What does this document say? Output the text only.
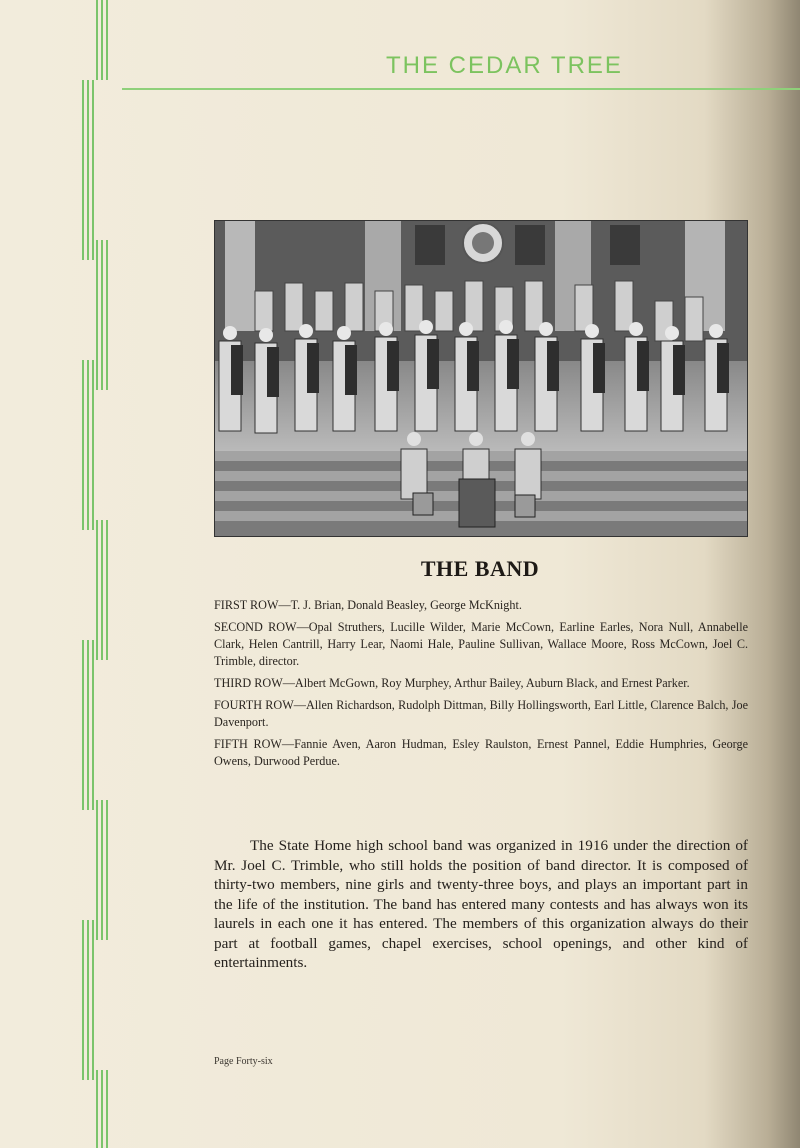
THE CEDAR TREE
THE BAND

FIRST ROW—T. J. Brian, Donald Beasley, George McKnight.

SECOND ROW—Opal Struthers, Lucille Wilder, Marie McCown, Earline Earles, Nora Null, Annabelle Clark, Helen Cantrill, Harry Lear, Naomi Hale, Pauline Sullivan, Wallace Moore, Ross McCown, Joel C. Trimble, director.

THIRD ROW—Albert McGown, Roy Murphey, Arthur Bailey, Auburn Black, and Ernest Parker.

FOURTH ROW—Allen Richardson, Rudolph Dittman, Billy Hollingsworth, Earl Little, Clarence Balch, Joe Davenport.

FIFTH ROW—Fannie Aven, Aaron Hudman, Esley Raulston, Ernest Pannel, Eddie Humphries, George Owens, Durwood Perdue.

The State Home high school band was organized in 1916 under the direction of Mr. Joel C. Trimble, who still holds the position of band director. It is composed of thirty-two members, nine girls and twenty-three boys, and plays an important part in the life of the institution. The band has entered many contests and has always won its laurels in each one it has entered. The members of this organization always do their part at football games, chapel exercises, school openings, and other kind of entertainments.

Page Forty-six
